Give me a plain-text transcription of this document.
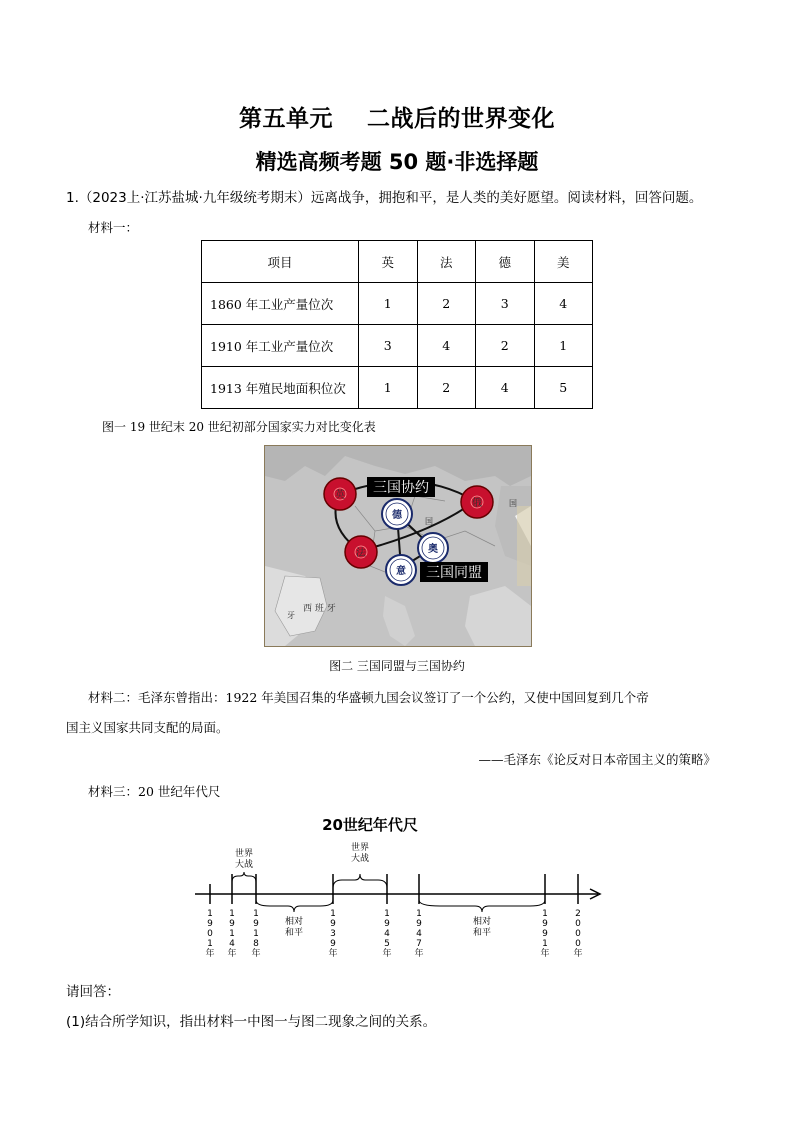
第五单元    二战后的世界变化
精选高频考题 50 题·非选择题
1.（2023上·江苏盐城·九年级统考期末）远离战争，拥抱和平，是人类的美好愿望。阅读材料，回答问题。
材料一：
项目	英	法	德	美
1860 年工业产量位次	1	2	3	4
1910 年工业产量位次	3	4	2	1
1913 年殖民地面积位次	1	2	4	5
图一 19 世纪末 20 世纪初部分国家实力对比变化表
英
俄
法
德
奥
意
三国协约
三国同盟
国
国
西 班 牙
牙
图二 三国同盟与三国协约
材料二：毛泽东曾指出：1922 年美国召集的华盛顿九国会议签订了一个公约，又使中国回复到几个帝
国主义国家共同支配的局面。
——毛泽东《论反对日本帝国主义的策略》
材料三：20 世纪年代尺
20世纪年代尺
世界大战
世界大战
相对和平
相对和平
1 9 0 1 年
1 9 1 4 年
1 9 1 8 年
1 9 3 9 年
1 9 4 5 年
1 9 4 7 年
1 9 9 1 年
2 0 0 0 年
请回答：
(1)结合所学知识，指出材料一中图一与图二现象之间的关系。
